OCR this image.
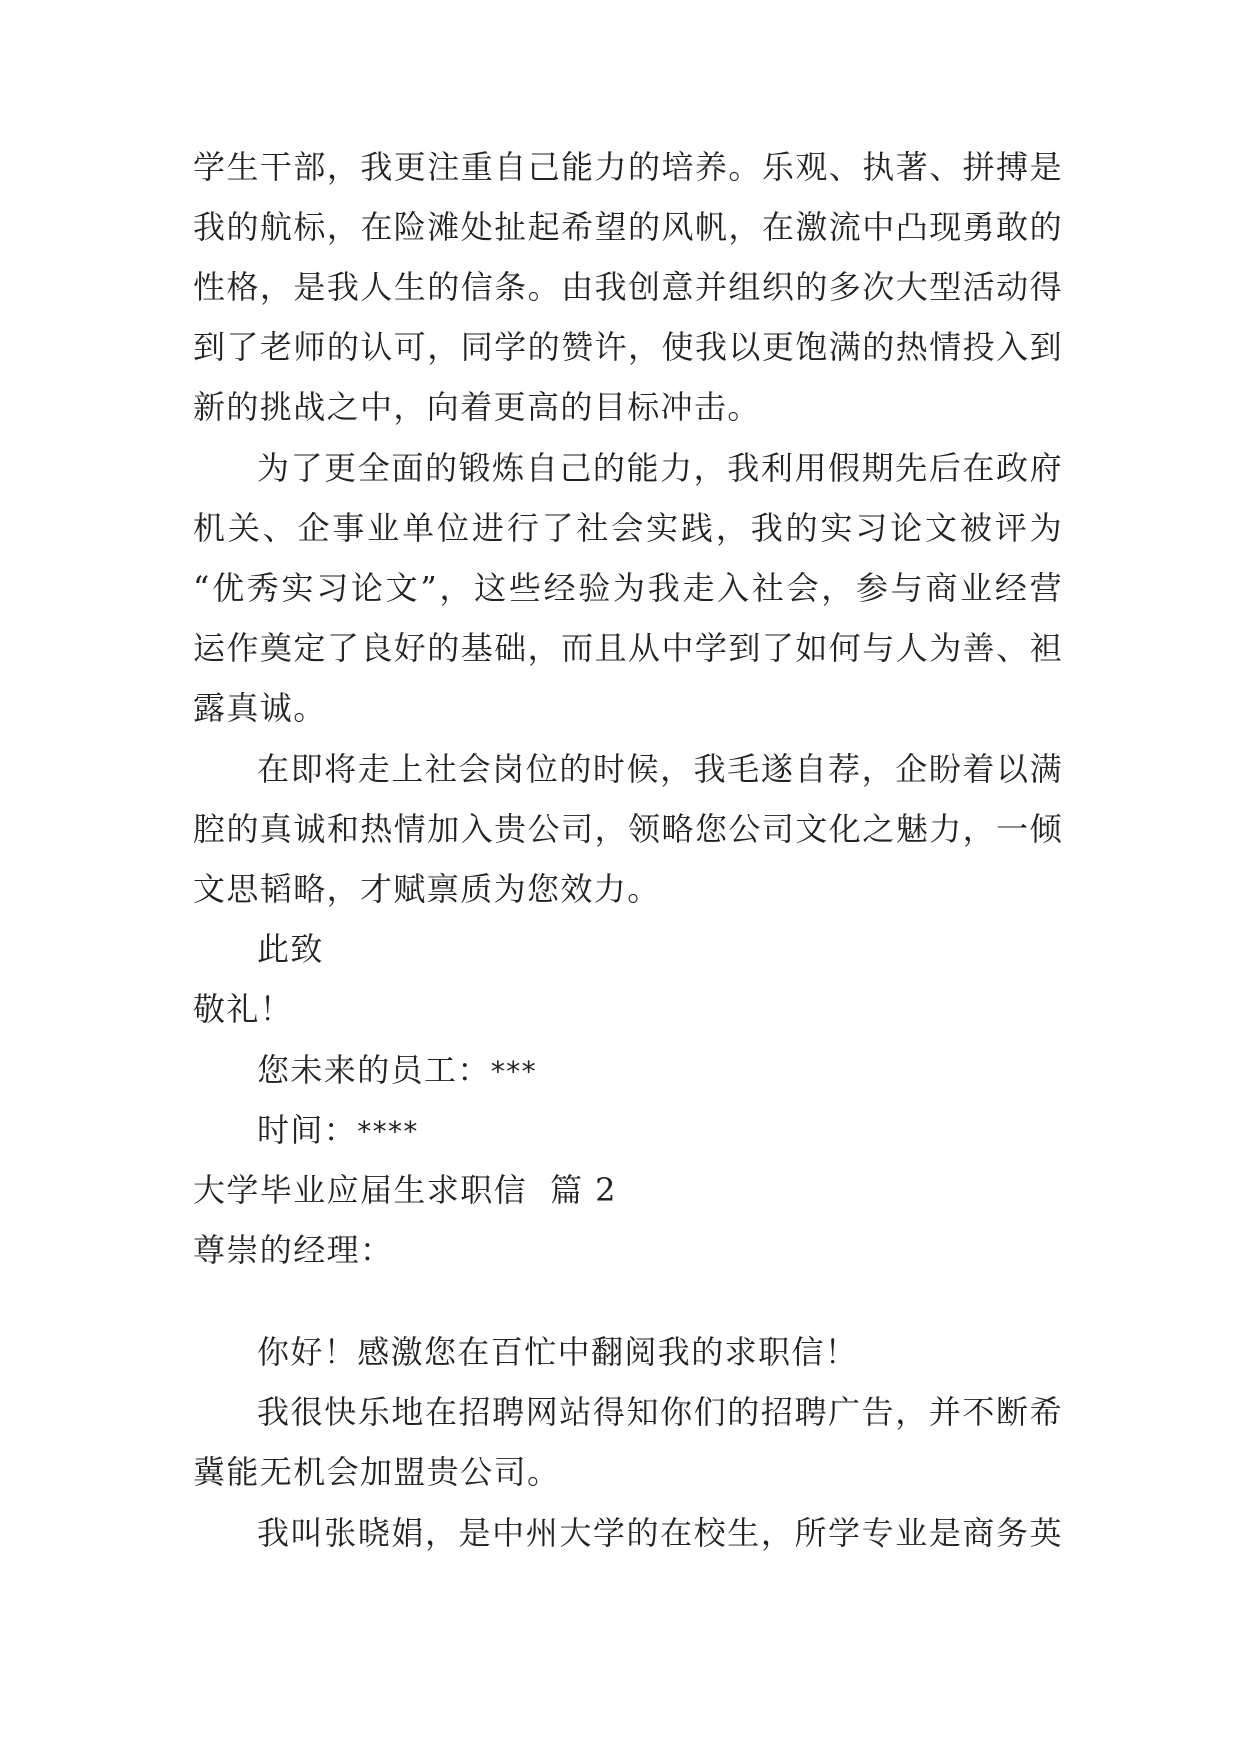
学生干部，我更注重自己能力的培养。乐观、执著、拼搏是
我的航标，在险滩处扯起希望的风帆，在激流中凸现勇敢的
性格，是我人生的信条。由我创意并组织的多次大型活动得
到了老师的认可，同学的赞许，使我以更饱满的热情投入到
新的挑战之中，向着更高的目标冲击。
为了更全面的锻炼自己的能力，我利用假期先后在政府
机关、企事业单位进行了社会实践，我的实习论文被评为
“优秀实习论文”，这些经验为我走入社会，参与商业经营
运作奠定了良好的基础，而且从中学到了如何与人为善、袒
露真诚。
在即将走上社会岗位的时候，我毛遂自荐，企盼着以满
腔的真诚和热情加入贵公司，领略您公司文化之魅力，一倾
文思韬略，才赋禀质为您效力。
此致
敬礼！
您未来的员工：***
时间：****
大学毕业应届生求职信  篇 2
尊崇的经理：
你好！感激您在百忙中翻阅我的求职信！
我很快乐地在招聘网站得知你们的招聘广告，并不断希
冀能无机会加盟贵公司。
我叫张晓娟，是中州大学的在校生，所学专业是商务英
